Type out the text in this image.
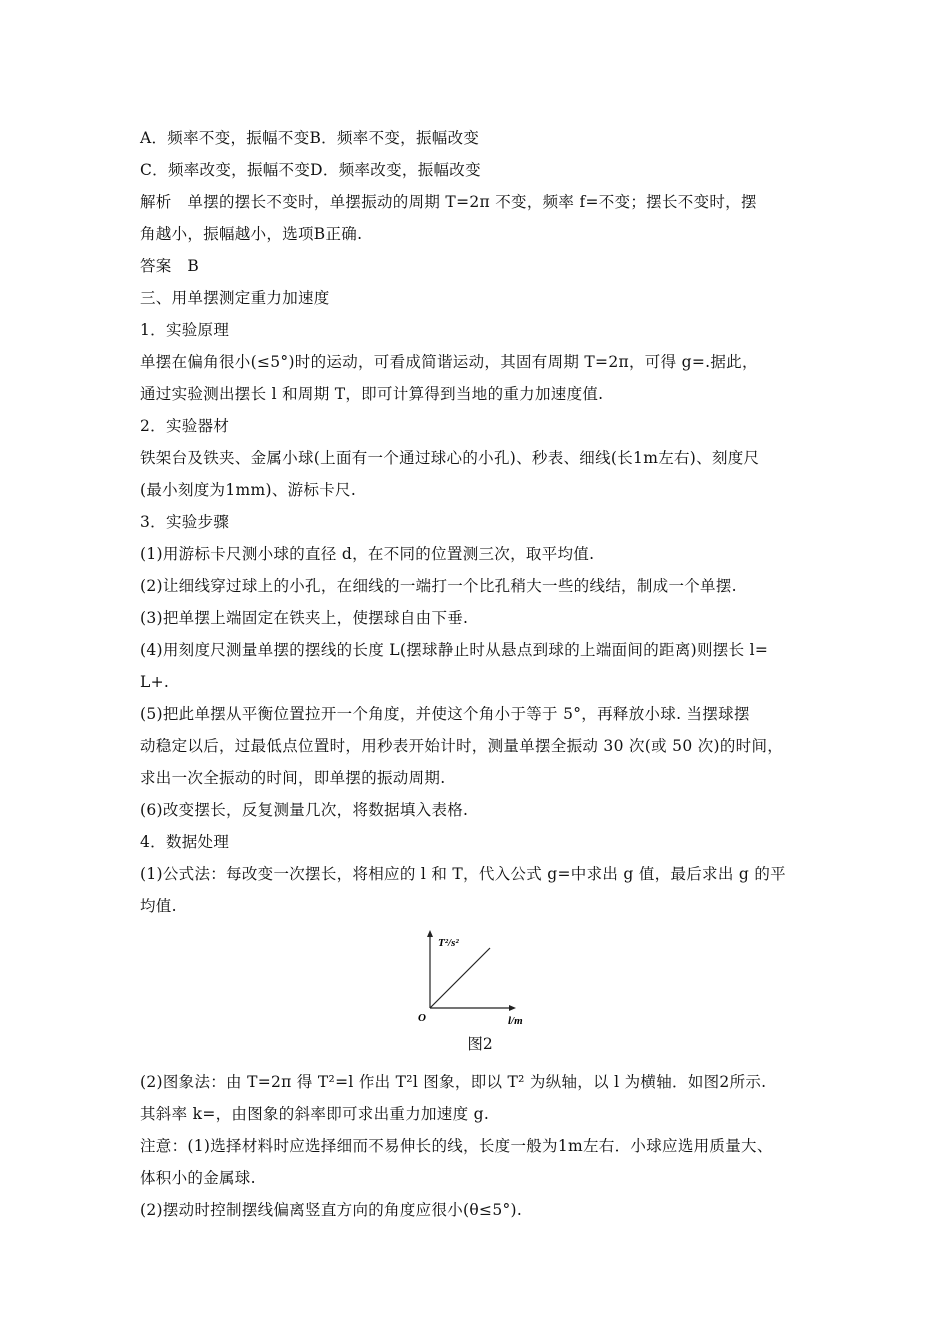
A．频率不变，振幅不变B．频率不变，振幅改变
C．频率改变，振幅不变D．频率改变，振幅改变
解析　单摆的摆长不变时，单摆振动的周期 T=2π 不变，频率 f=不变；摆长不变时，摆
角越小，振幅越小，选项B正确.
答案　B
三、用单摆测定重力加速度
1．实验原理
单摆在偏角很小(≤5°)时的运动，可看成简谐运动，其固有周期 T=2π，可得 g=.据此，
通过实验测出摆长 l 和周期 T，即可计算得到当地的重力加速度值.
2．实验器材
铁架台及铁夹、金属小球(上面有一个通过球心的小孔)、秒表、细线(长1m左右)、刻度尺
(最小刻度为1mm)、游标卡尺.
3．实验步骤
(1)用游标卡尺测小球的直径 d，在不同的位置测三次，取平均值.
(2)让细线穿过球上的小孔，在细线的一端打一个比孔稍大一些的线结，制成一个单摆.
(3)把单摆上端固定在铁夹上，使摆球自由下垂.
(4)用刻度尺测量单摆的摆线的长度 L(摆球静止时从悬点到球的上端面间的距离)则摆长 l=
L+.
(5)把此单摆从平衡位置拉开一个角度，并使这个角小于等于 5°，再释放小球. 当摆球摆
动稳定以后，过最低点位置时，用秒表开始计时，测量单摆全振动 30 次(或 50 次)的时间，
求出一次全振动的时间，即单摆的振动周期.
(6)改变摆长，反复测量几次，将数据填入表格.
4．数据处理
(1)公式法：每改变一次摆长，将相应的 l 和 T，代入公式 g=中求出 g 值，最后求出 g 的平
均值.
T²/s²
O	l/m
图2
(2)图象法：由 T=2π 得 T²=l 作出 T²l 图象，即以 T² 为纵轴，以 l 为横轴．如图2所示.
其斜率 k=，由图象的斜率即可求出重力加速度 g.
注意：(1)选择材料时应选择细而不易伸长的线，长度一般为1m左右．小球应选用质量大、
体积小的金属球.
(2)摆动时控制摆线偏离竖直方向的角度应很小(θ≤5°).
